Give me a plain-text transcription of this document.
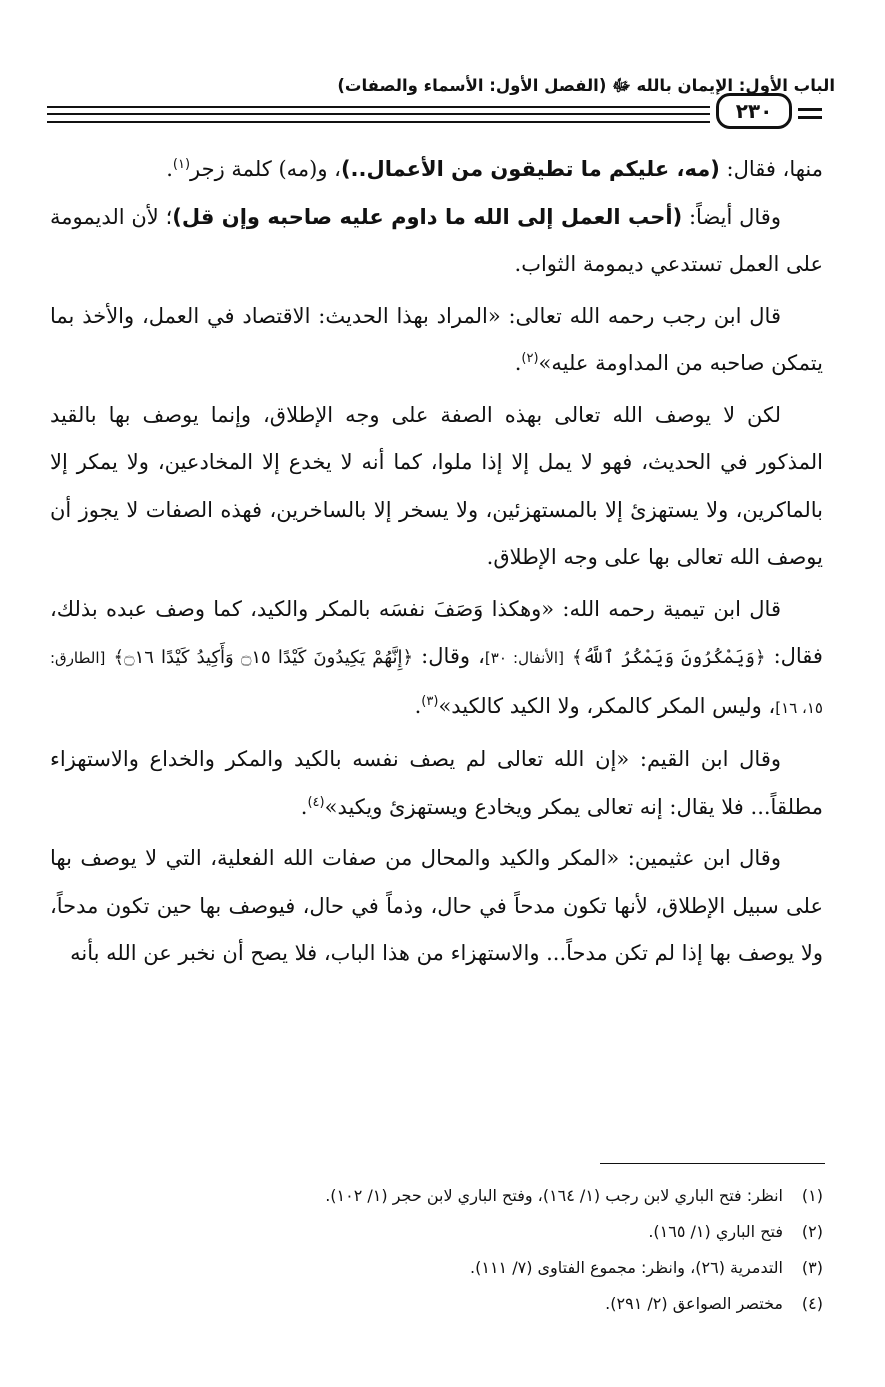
الباب الأول: الإيمان بالله ﷻ (الفصل الأول: الأسماء والصفات)
٢٣٠

منها، فقال: (مه، عليكم ما تطيقون من الأعمال..)، و(مه) كلمة زجر$^{(١)}$.

وقال أيضاً: (أحب العمل إلى الله ما داوم عليه صاحبه وإن قل)؛ لأن الديمومة على العمل تستدعي ديمومة الثواب.

قال ابن رجب رحمه الله تعالى: «المراد بهذا الحديث: الاقتصاد في العمل، والأخذ بما يتمكن صاحبه من المداومة عليه»$^{(٢)}$.

لكن لا يوصف الله تعالى بهذه الصفة على وجه الإطلاق، وإنما يوصف بها بالقيد المذكور في الحديث، فهو لا يمل إلا إذا ملوا، كما أنه لا يخدع إلا المخادعين، ولا يمكر إلا بالماكرين، ولا يستهزئ إلا بالمستهزئين، ولا يسخر إلا بالساخرين، فهذه الصفات لا يجوز أن يوصف الله تعالى بها على وجه الإطلاق.

قال ابن تيمية رحمه الله: «وهكذا وَصَفَ نفسَه بالمكر والكيد، كما وصف عبده بذلك، فقال: ﴿وَيَمْكُرُونَ وَيَمْكُرُ ٱللَّهُ﴾ [الأنفال: ٣٠]، وقال: ﴿إِنَّهُمْ يَكِيدُونَ كَيْدًا ۝١٥ وَأَكِيدُ كَيْدًا ۝١٦﴾ [الطارق: ١٥، ١٦]، وليس المكر كالمكر، ولا الكيد كالكيد»$^{(٣)}$.

وقال ابن القيم: «إن الله تعالى لم يصف نفسه بالكيد والمكر والخداع والاستهزاء مطلقاً... فلا يقال: إنه تعالى يمكر ويخادع ويستهزئ ويكيد»$^{(٤)}$.

وقال ابن عثيمين: «المكر والكيد والمحال من صفات الله الفعلية، التي لا يوصف بها على سبيل الإطلاق، لأنها تكون مدحاً في حال، وذماً في حال، فيوصف بها حين تكون مدحاً، ولا يوصف بها إذا لم تكن مدحاً... والاستهزاء من هذا الباب، فلا يصح أن نخبر عن الله بأنه

(١)انظر: فتح الباري لابن رجب (١/ ١٦٤)، وفتح الباري لابن حجر (١/ ١٠٢).
(٢)فتح الباري (١/ ١٦٥).
(٣)التدمرية (٢٦)، وانظر: مجموع الفتاوى (٧/ ١١١).
(٤)مختصر الصواعق (٢/ ٢٩١).
